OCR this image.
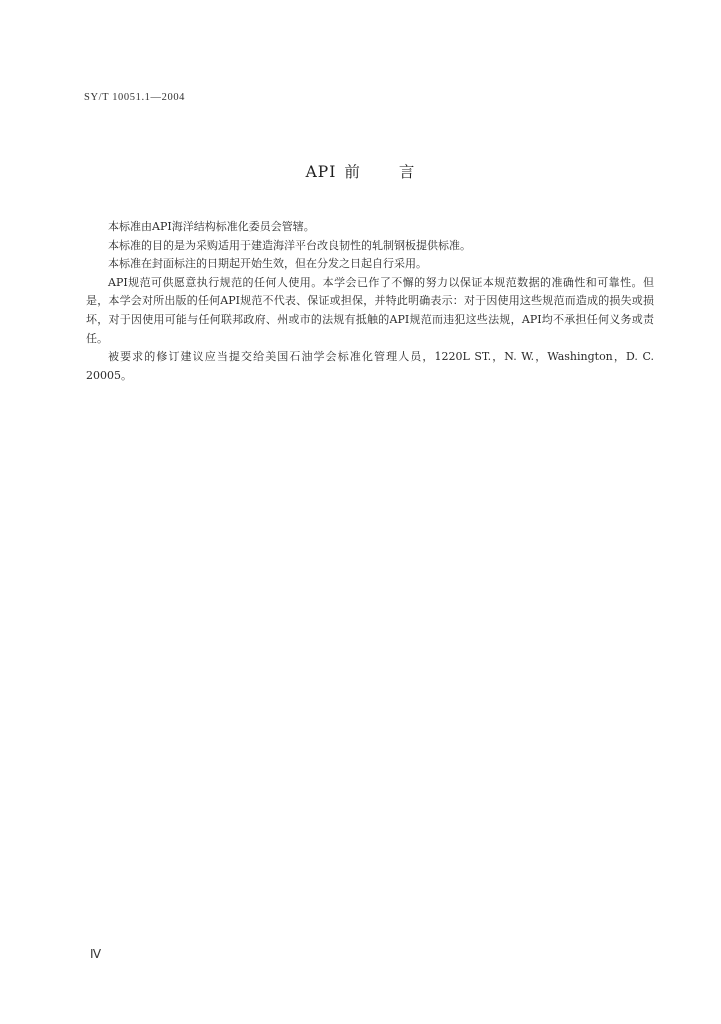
SY/T 10051.1—2004
API 前 言

本标准由API海洋结构标准化委员会管辖。

本标准的目的是为采购适用于建造海洋平台改良韧性的轧制钢板提供标准。

本标准在封面标注的日期起开始生效，但在分发之日起自行采用。

API规范可供愿意执行规范的任何人使用。本学会已作了不懈的努力以保证本规范数据的准确性和可靠性。但是，本学会对所出版的任何API规范不代表、保证或担保，并特此明确表示：对于因使用这些规范而造成的损失或损坏，对于因使用可能与任何联邦政府、州或市的法规有抵触的API规范而违犯这些法规，API均不承担任何义务或责任。

被要求的修订建议应当提交给美国石油学会标准化管理人员，1220L ST.，N. W.，Washington，D. C. 20005。

Ⅳ
